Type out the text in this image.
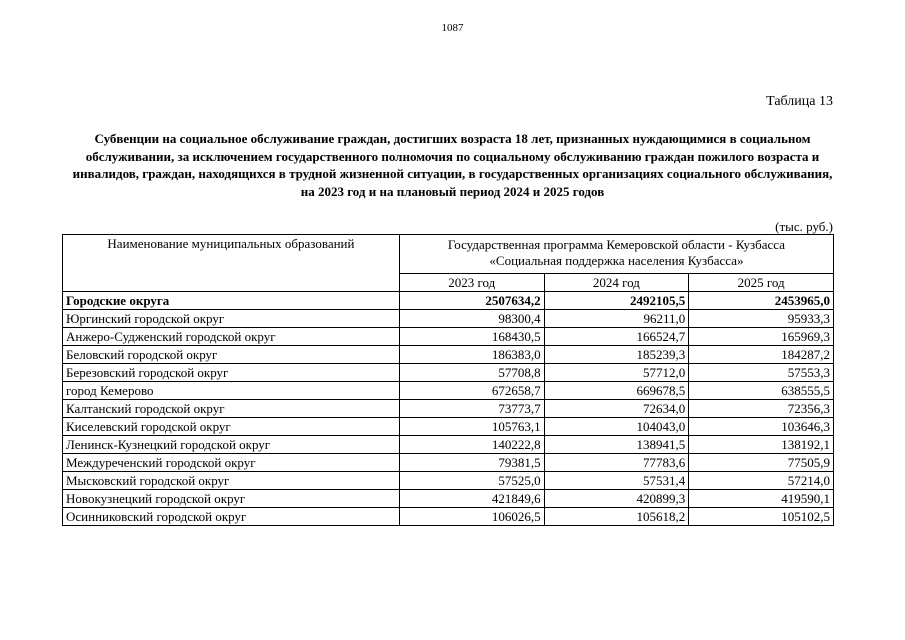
1087
Таблица 13
Субвенции на социальное обслуживание граждан, достигших возраста 18 лет, признанных нуждающимися в социальном обслуживании, за исключением государственного полномочия по социальному обслуживанию граждан пожилого возраста и инвалидов, граждан, находящихся в трудной жизненной ситуации, в государственных организациях социального обслуживания, на 2023 год и на плановый период 2024 и 2025 годов
(тыс. руб.)
Наименование муниципальных образований	Государственная программа Кемеровской области - Кузбасса
«Социальная поддержка населения Кузбасса»		
	2023 год	2024 год	2025 год
Городские округа	2507634,2	2492105,5	2453965,0
Юргинский городской округ	98300,4	96211,0	95933,3
Анжеро-Судженский городской округ	168430,5	166524,7	165969,3
Беловский городской округ	186383,0	185239,3	184287,2
Березовский городской округ	57708,8	57712,0	57553,3
город Кемерово	672658,7	669678,5	638555,5
Калтанский городской округ	73773,7	72634,0	72356,3
Киселевский городской округ	105763,1	104043,0	103646,3
Ленинск-Кузнецкий городской округ	140222,8	138941,5	138192,1
Междуреченский городской округ	79381,5	77783,6	77505,9
Мысковский городской округ	57525,0	57531,4	57214,0
Новокузнецкий городской округ	421849,6	420899,3	419590,1
Осинниковский городской округ	106026,5	105618,2	105102,5
